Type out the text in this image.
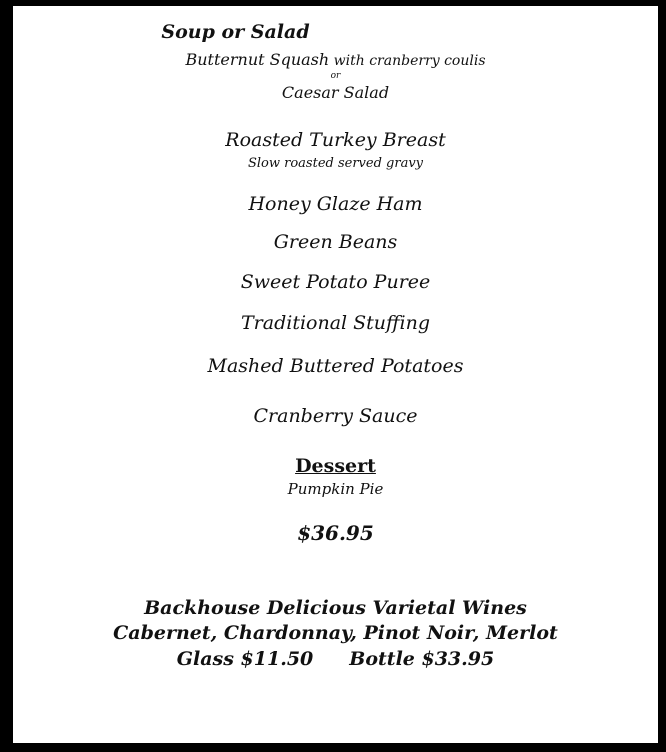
Soup or Salad
Butternut Squash with cranberry coulis
or
Caesar Salad
Roasted Turkey Breast
Slow roasted served gravy
Honey Glaze Ham
Green Beans
Sweet Potato Puree
Traditional Stuffing
Mashed Buttered Potatoes
Cranberry Sauce
Dessert
Pumpkin Pie
$36.95
Backhouse Delicious Varietal Wines
Cabernet, Chardonnay, Pinot Noir, Merlot
Glass $11.50 Bottle $33.95
